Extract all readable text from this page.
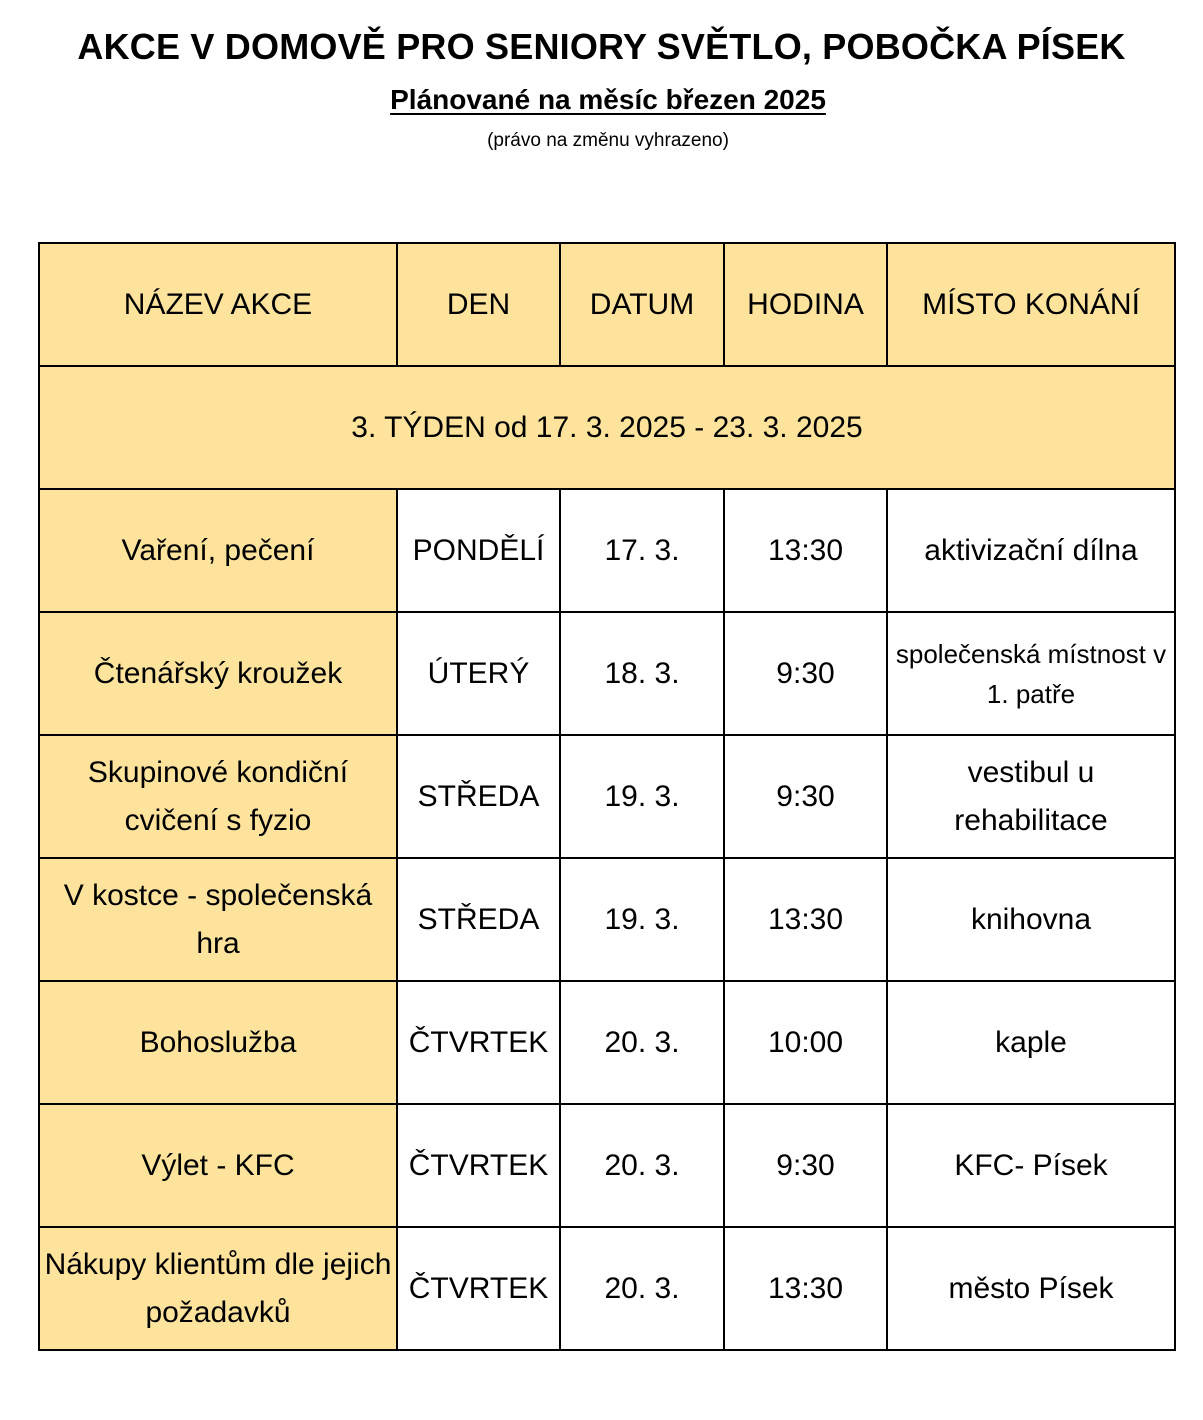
AKCE V DOMOVĚ PRO SENIORY SVĚTLO, POBOČKA PÍSEK
Plánované na měsíc březen 2025
(právo na změnu vyhrazeno)
NÁZEV AKCE	DEN	DATUM	HODINA	MÍSTO KONÁNÍ
3. TÝDEN od 17. 3. 2025 - 23. 3. 2025				
Vaření, pečení	PONDĚLÍ	17. 3.	13:30	aktivizační dílna
Čtenářský kroužek	ÚTERÝ	18. 3.	9:30	společenská místnost v 1. patře
Skupinové kondiční cvičení s fyzio	STŘEDA	19. 3.	9:30	vestibul u rehabilitace
V kostce - společenská hra	STŘEDA	19. 3.	13:30	knihovna
Bohoslužba	ČTVRTEK	20. 3.	10:00	kaple
Výlet - KFC	ČTVRTEK	20. 3.	9:30	KFC- Písek
Nákupy klientům dle jejich požadavků	ČTVRTEK	20. 3.	13:30	město Písek
